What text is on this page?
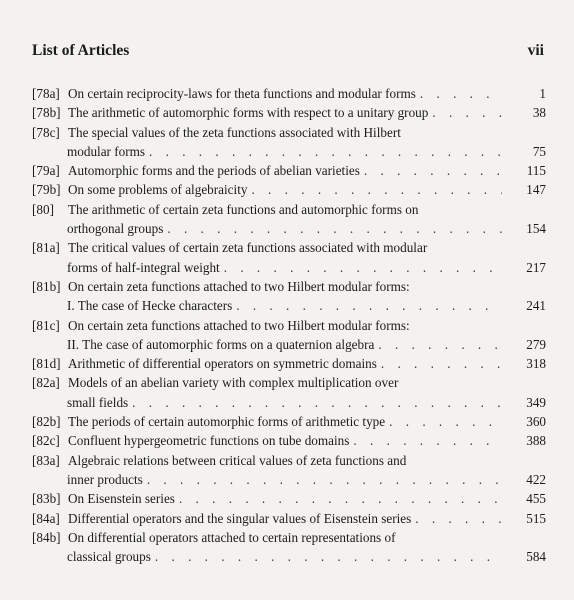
List of Articles	vii
[78a] On certain reciprocity-laws for theta functions and modular forms . . .	1
[78b] The arithmetic of automorphic forms with respect to a unitary group . . .	38
[78c] The special values of the zeta functions associated with Hilbert
modular forms . . .	75
[79a] Automorphic forms and the periods of abelian varieties . . .	115
[79b] On some problems of algebraicity . . .	147
[80]	The arithmetic of certain zeta functions and automorphic forms on
orthogonal groups . . .	154
[81a] The critical values of certain zeta functions associated with modular
forms of half-integral weight . . .	217
[81b] On certain zeta functions attached to two Hilbert modular forms:
I. The case of Hecke characters . . .	241
[81c] On certain zeta functions attached to two Hilbert modular forms:
II. The case of automorphic forms on a quaternion algebra . . .	279
[81d] Arithmetic of differential operators on symmetric domains . . .	318
[82a] Models of an abelian variety with complex multiplication over
small fields . . .	349
[82b] The periods of certain automorphic forms of arithmetic type . . .	360
[82c] Confluent hypergeometric functions on tube domains . . .	388
[83a] Algebraic relations between critical values of zeta functions and
inner products . . .	422
[83b] On Eisenstein series . . .	455
[84a] Differential operators and the singular values of Eisenstein series . . .	515
[84b] On differential operators attached to certain representations of
classical groups . . .	584
